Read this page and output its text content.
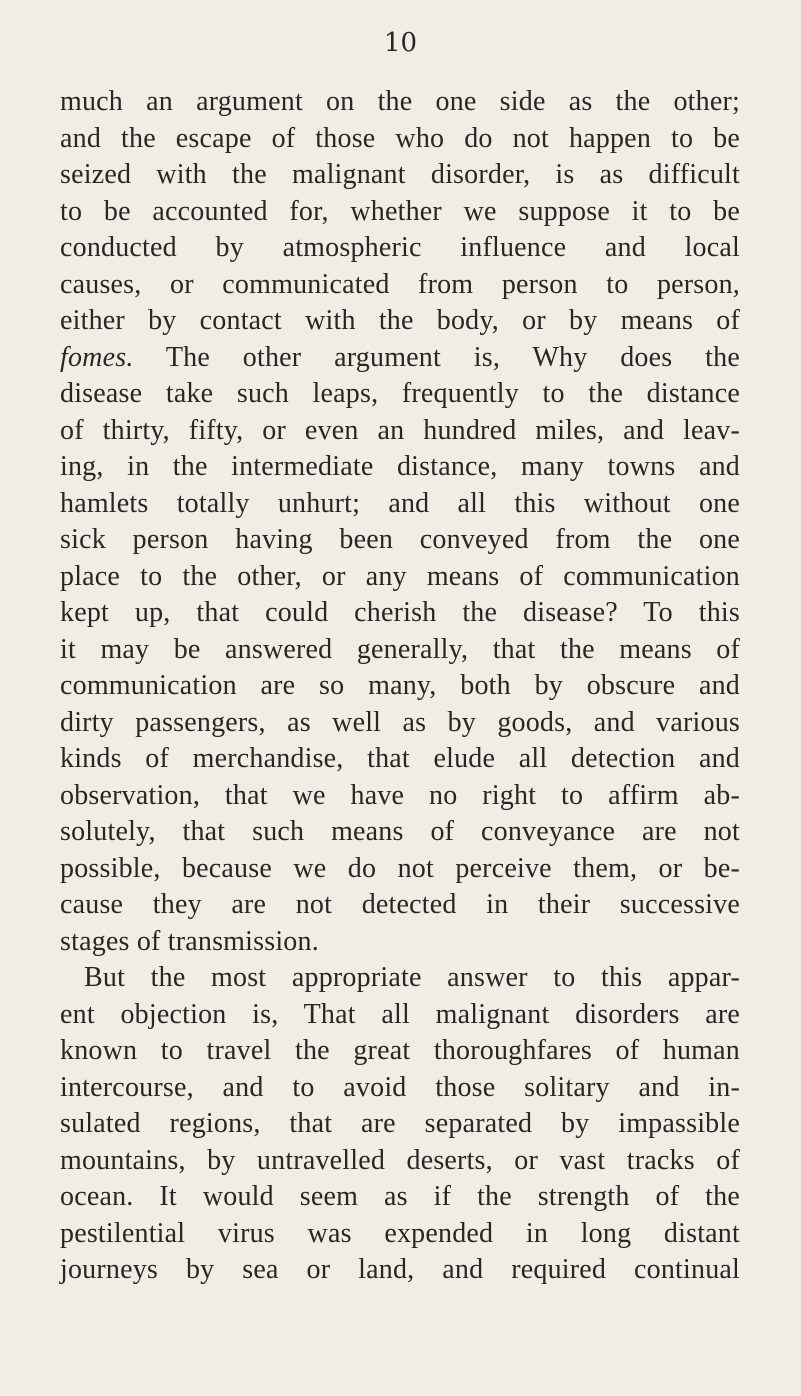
10
much an argument on the one side as the other;
and the escape of those who do not happen to be
seized with the malignant disorder, is as difficult
to be accounted for, whether we suppose it to be
conducted by atmospheric influence and local
causes, or communicated from person to person,
either by contact with the body, or by means of
fomes. The other argument is, Why does the
disease take such leaps, frequently to the distance
of thirty, fifty, or even an hundred miles, and leav-
ing, in the intermediate distance, many towns and
hamlets totally unhurt; and all this without one
sick person having been conveyed from the one
place to the other, or any means of communication
kept up, that could cherish the disease? To this
it may be answered generally, that the means of
communication are so many, both by obscure and
dirty passengers, as well as by goods, and various
kinds of merchandise, that elude all detection and
observation, that we have no right to affirm ab-
solutely, that such means of conveyance are not
possible, because we do not perceive them, or be-
cause they are not detected in their successive
stages of transmission.
But the most appropriate answer to this appar-
ent objection is, That all malignant disorders are
known to travel the great thoroughfares of human
intercourse, and to avoid those solitary and in-
sulated regions, that are separated by impassible
mountains, by untravelled deserts, or vast tracks of
ocean. It would seem as if the strength of the
pestilential virus was expended in long distant
journeys by sea or land, and required continual
